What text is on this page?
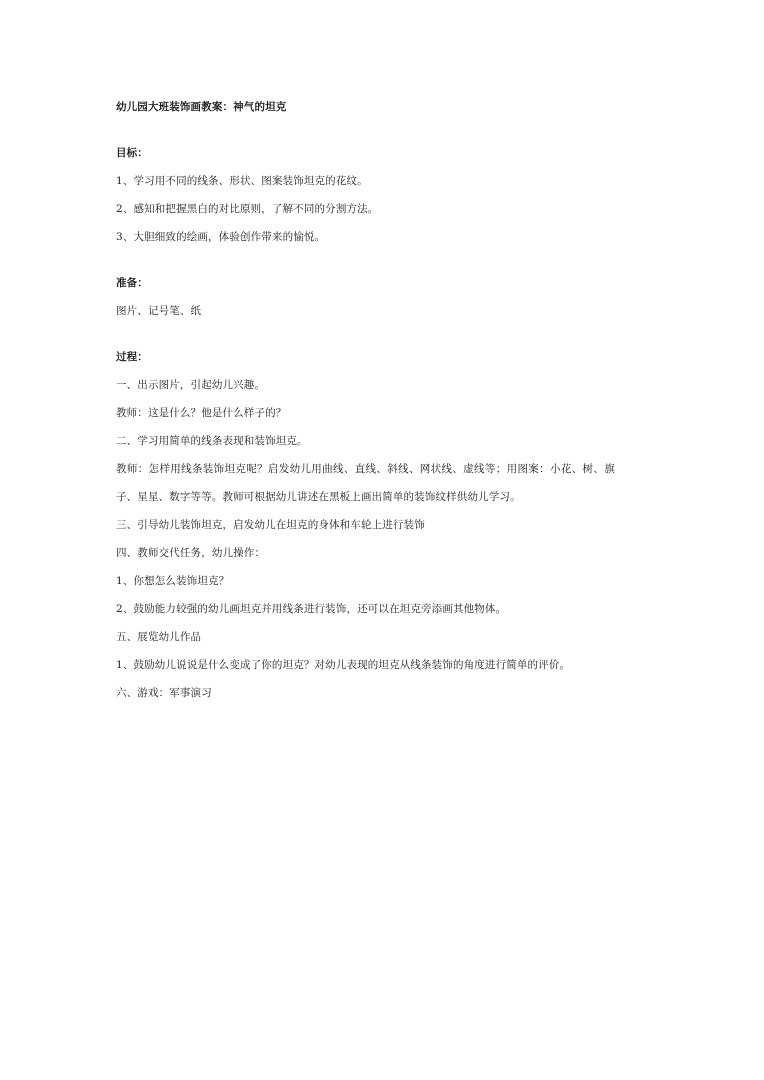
幼儿园大班装饰画教案：神气的坦克
目标：
1、学习用不同的线条、形状、图案装饰坦克的花纹。
2、感知和把握黑白的对比原则，了解不同的分割方法。
3、大胆细致的绘画，体验创作带来的愉悦。
准备：
图片、记号笔、纸
过程：
一、出示图片，引起幼儿兴趣。
教师：这是什么？他是什么样子的？
二、学习用简单的线条表现和装饰坦克。
教师：怎样用线条装饰坦克呢？启发幼儿用曲线、直线、斜线、网状线、虚线等；用图案：小花、树、旗
子、星星、数字等等。教师可根据幼儿讲述在黑板上画出简单的装饰纹样供幼儿学习。
三、引导幼儿装饰坦克，启发幼儿在坦克的身体和车轮上进行装饰
四、教师交代任务，幼儿操作：
1、你想怎么装饰坦克？
2、鼓励能力较强的幼儿画坦克并用线条进行装饰，还可以在坦克旁添画其他物体。
五、展览幼儿作品
1、鼓励幼儿说说是什么变成了你的坦克？对幼儿表现的坦克从线条装饰的角度进行简单的评价。
六、游戏：军事演习
